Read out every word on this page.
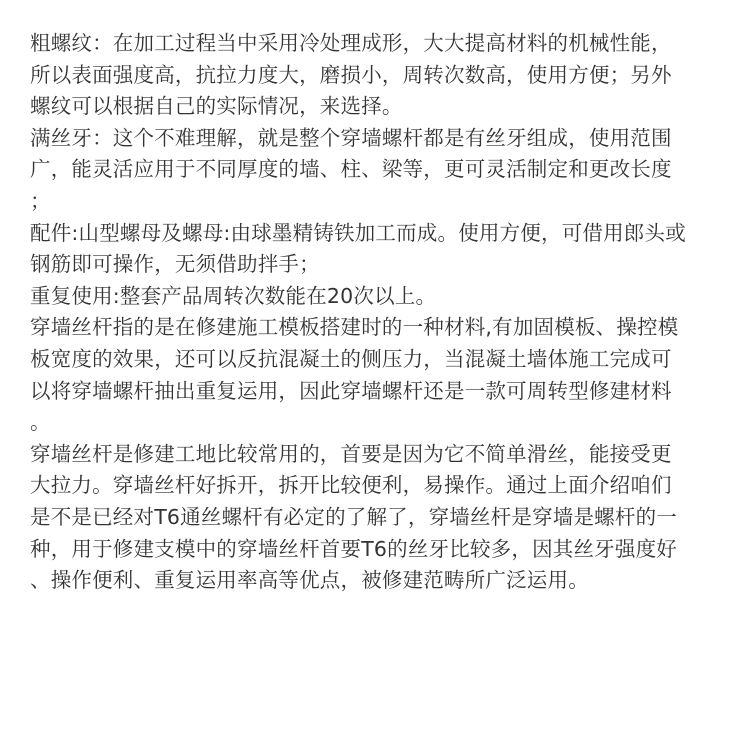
粗螺纹：在加工过程当中采用冷处理成形，大大提高材料的机械性能，
所以表面强度高，抗拉力度大，磨损小，周转次数高，使用方便；另外
螺纹可以根据自己的实际情况，来选择。
满丝牙：这个不难理解，就是整个穿墙螺杆都是有丝牙组成，使用范围
广，能灵活应用于不同厚度的墙、柱、梁等，更可灵活制定和更改长度
；
配件:山型螺母及螺母:由球墨精铸铁加工而成。使用方便，可借用郎头或
钢筋即可操作，无须借助拌手；
重复使用:整套产品周转次数能在20次以上。
穿墙丝杆指的是在修建施工模板搭建时的一种材料,有加固模板、操控模
板宽度的效果，还可以反抗混凝土的侧压力，当混凝土墙体施工完成可
以将穿墙螺杆抽出重复运用，因此穿墙螺杆还是一款可周转型修建材料
。
穿墙丝杆是修建工地比较常用的，首要是因为它不简单滑丝，能接受更
大拉力。穿墙丝杆好拆开，拆开比较便利，易操作。通过上面介绍咱们
是不是已经对T6通丝螺杆有必定的了解了，穿墙丝杆是穿墙是螺杆的一
种，用于修建支模中的穿墙丝杆首要T6的丝牙比较多，因其丝牙强度好
、操作便利、重复运用率高等优点，被修建范畴所广泛运用。
